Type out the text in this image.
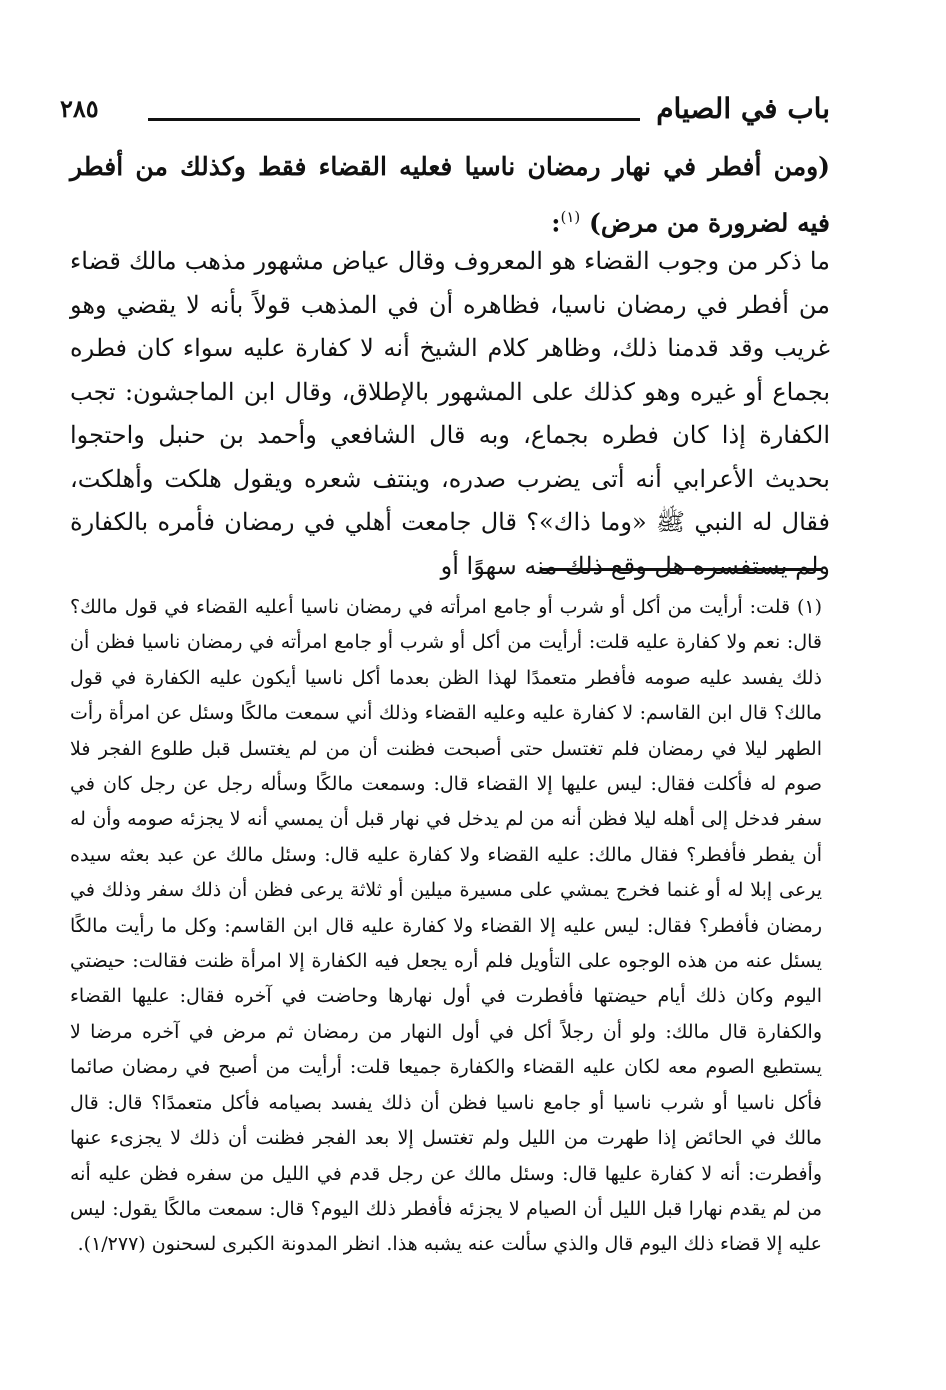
باب في الصيام
٢٨٥
(ومن أفطر في نهار رمضان ناسيا فعليه القضاء فقط وكذلك من أفطر فيه لضرورة من مرض) $^{(١)}$:
ما ذكر من وجوب القضاء هو المعروف وقال عياض مشهور مذهب مالك قضاء من أفطر في رمضان ناسيا، فظاهره أن في المذهب قولاً بأنه لا يقضي وهو غريب وقد قدمنا ذلك، وظاهر كلام الشيخ أنه لا كفارة عليه سواء كان فطره بجماع أو غيره وهو كذلك على المشهور بالإطلاق، وقال ابن الماجشون: تجب الكفارة إذا كان فطره بجماع، وبه قال الشافعي وأحمد بن حنبل واحتجوا بحديث الأعرابي أنه أتى يضرب صدره، وينتف شعره ويقول هلكت وأهلكت، فقال له النبي ﷺ «وما ذاك»؟ قال جامعت أهلي في رمضان فأمره بالكفارة ولم يستفسره هل وقع ذلك منه سهوًا أو
(١) قلت: أرأيت من أكل أو شرب أو جامع امرأته في رمضان ناسيا أعليه القضاء في قول مالك؟ قال: نعم ولا كفارة عليه قلت: أرأيت من أكل أو شرب أو جامع امرأته في رمضان ناسيا فظن أن ذلك يفسد عليه صومه فأفطر متعمدًا لهذا الظن بعدما أكل ناسيا أيكون عليه الكفارة في قول مالك؟ قال ابن القاسم: لا كفارة عليه وعليه القضاء وذلك أني سمعت مالكًا وسئل عن امرأة رأت الطهر ليلا في رمضان فلم تغتسل حتى أصبحت فظنت أن من لم يغتسل قبل طلوع الفجر فلا صوم له فأكلت فقال: ليس عليها إلا القضاء قال: وسمعت مالكًا وسأله رجل عن رجل كان في سفر فدخل إلى أهله ليلا فظن أنه من لم يدخل في نهار قبل أن يمسي أنه لا يجزئه صومه وأن له أن يفطر فأفطر؟ فقال مالك: عليه القضاء ولا كفارة عليه قال: وسئل مالك عن عبد بعثه سيده يرعى إبلا له أو غنما فخرج يمشي على مسيرة ميلين أو ثلاثة يرعى فظن أن ذلك سفر وذلك في رمضان فأفطر؟ فقال: ليس عليه إلا القضاء ولا كفارة عليه قال ابن القاسم: وكل ما رأيت مالكًا يسئل عنه من هذه الوجوه على التأويل فلم أره يجعل فيه الكفارة إلا امرأة ظنت فقالت: حيضتي اليوم وكان ذلك أيام حيضتها فأفطرت في أول نهارها وحاضت في آخره فقال: عليها القضاء والكفارة قال مالك: ولو أن رجلاً أكل في أول النهار من رمضان ثم مرض في آخره مرضا لا يستطيع الصوم معه لكان عليه القضاء والكفارة جميعا قلت: أرأيت من أصبح في رمضان صائما فأكل ناسيا أو شرب ناسيا أو جامع ناسيا فظن أن ذلك يفسد بصيامه فأكل متعمدًا؟ قال: قال مالك في الحائض إذا طهرت من الليل ولم تغتسل إلا بعد الفجر فظنت أن ذلك لا يجزىء عنها وأفطرت: أنه لا كفارة عليها قال: وسئل مالك عن رجل قدم في الليل من سفره فظن عليه أنه من لم يقدم نهارا قبل الليل أن الصيام لا يجزئه فأفطر ذلك اليوم؟ قال: سمعت مالكًا يقول: ليس عليه إلا قضاء ذلك اليوم قال والذي سألت عنه يشبه هذا. انظر المدونة الكبرى لسحنون (١/٢٧٧).
